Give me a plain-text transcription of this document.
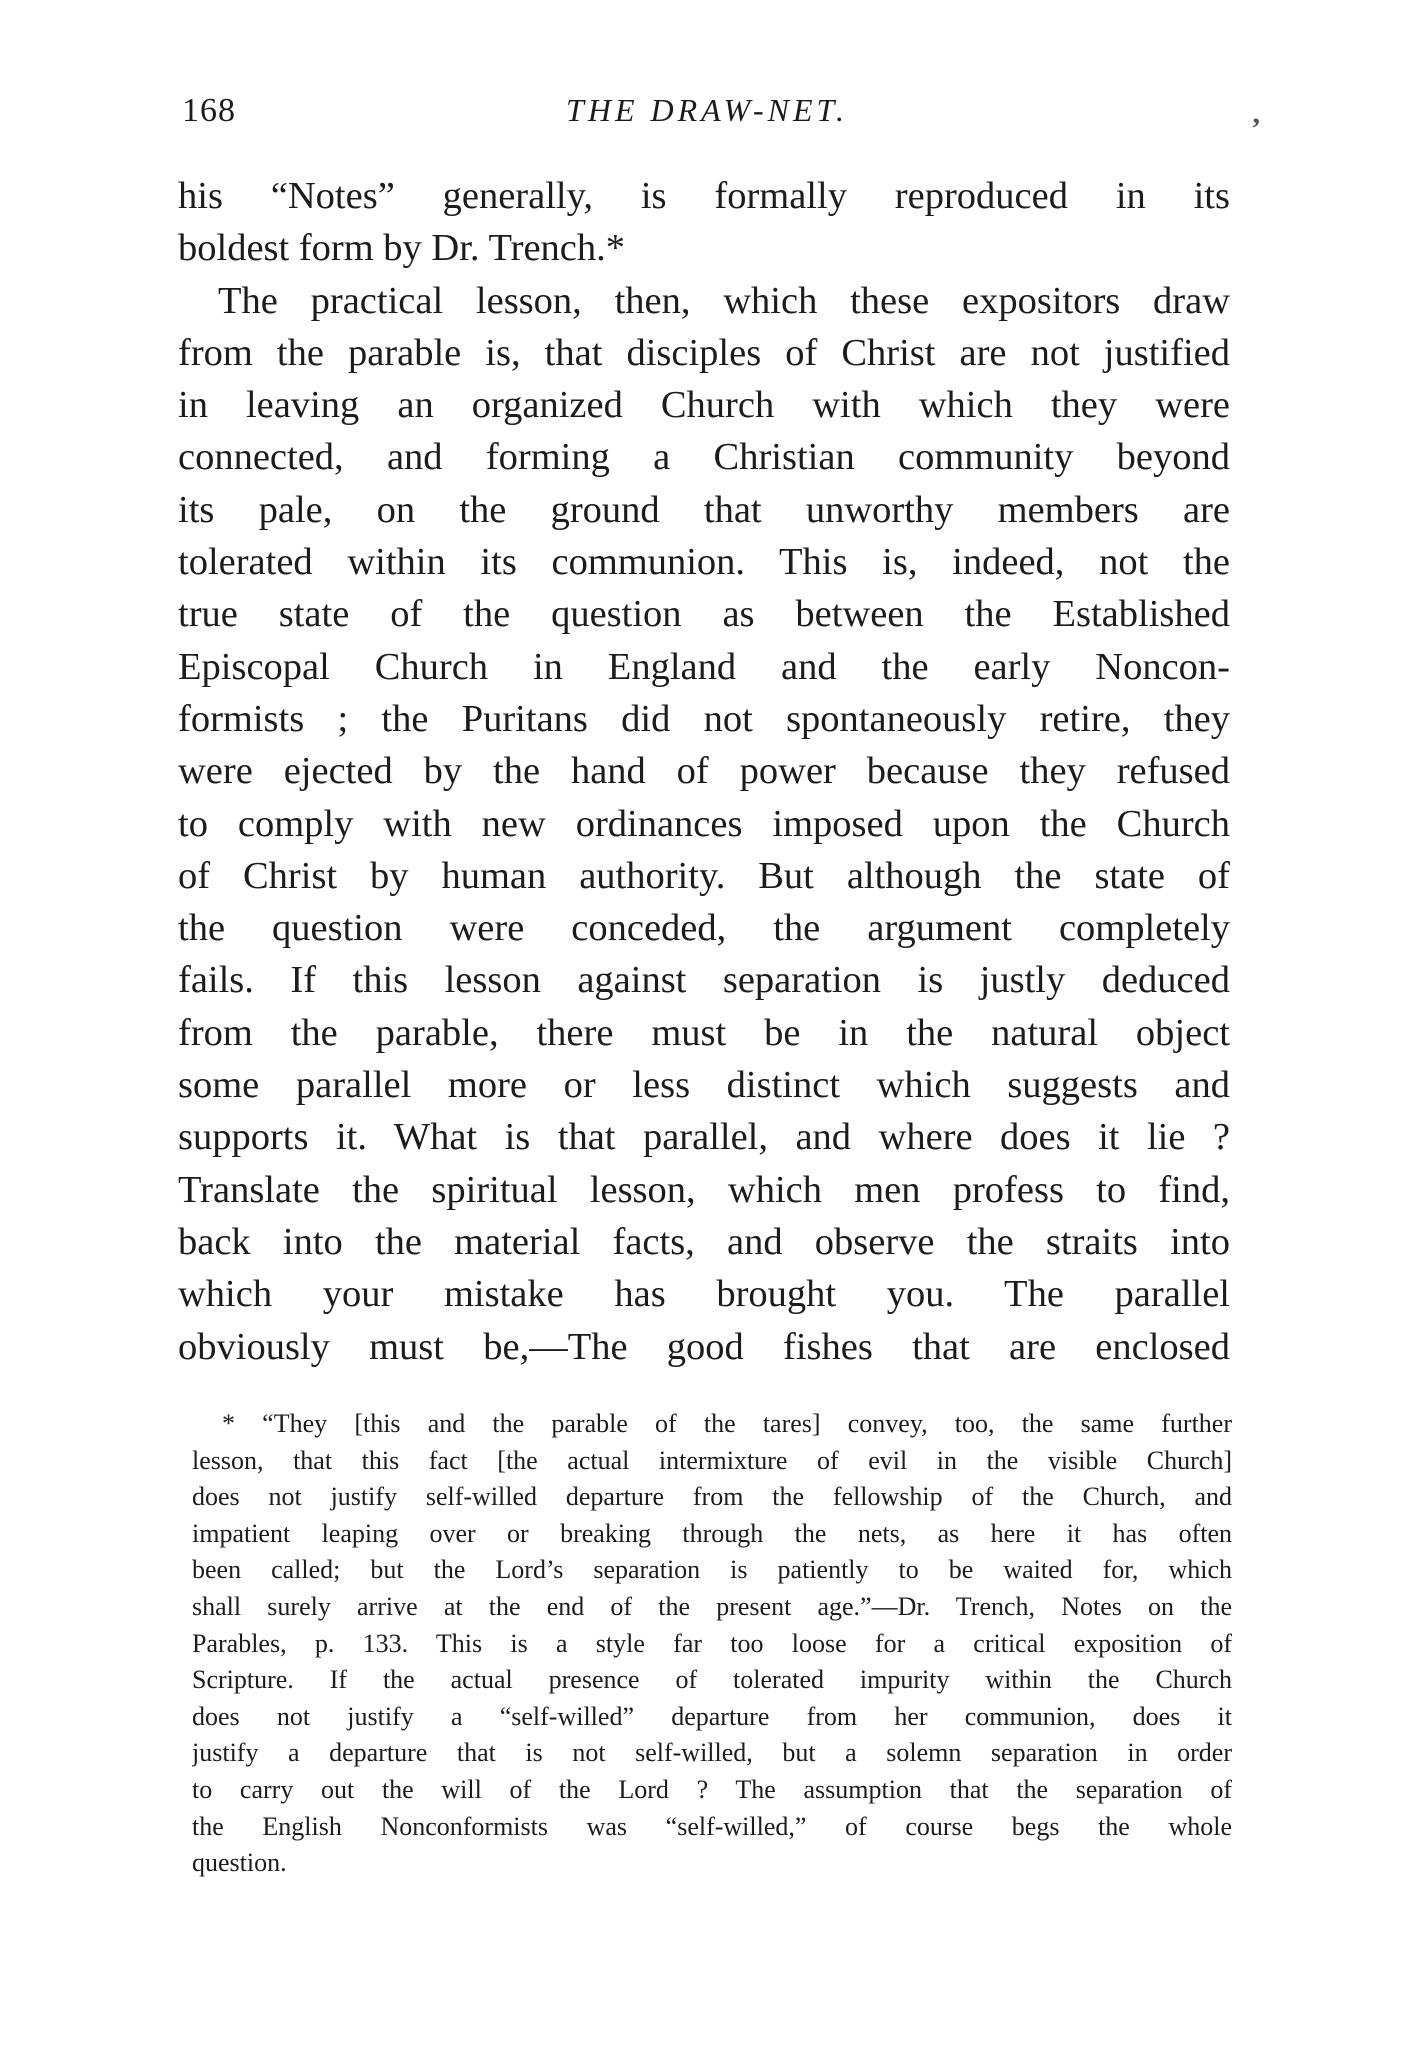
168	THE DRAW-NET.
’
his “Notes” generally, is formally reproduced in its
boldest form by Dr. Trench.*
The practical lesson, then, which these expositors draw
from the parable is, that disciples of Christ are not justified
in leaving an organized Church with which they were
connected, and forming a Christian community beyond
its pale, on the ground that unworthy members are
tolerated within its communion. This is, indeed, not the
true state of the question as between the Established
Episcopal Church in England and the early Noncon-
formists ; the Puritans did not spontaneously retire, they
were ejected by the hand of power because they refused
to comply with new ordinances imposed upon the Church
of Christ by human authority. But although the state of
the question were conceded, the argument completely
fails. If this lesson against separation is justly deduced
from the parable, there must be in the natural object
some parallel more or less distinct which suggests and
supports it. What is that parallel, and where does it lie ?
Translate the spiritual lesson, which men profess to find,
back into the material facts, and observe the straits into
which your mistake has brought you. The parallel
obviously must be,—The good fishes that are enclosed
* “They [this and the parable of the tares] convey, too, the same further
lesson, that this fact [the actual intermixture of evil in the visible Church]
does not justify self-willed departure from the fellowship of the Church, and
impatient leaping over or breaking through the nets, as here it has often
been called; but the Lord’s separation is patiently to be waited for, which
shall surely arrive at the end of the present age.”—Dr. Trench, Notes on the
Parables, p. 133. This is a style far too loose for a critical exposition of
Scripture. If the actual presence of tolerated impurity within the Church
does not justify a “self-willed” departure from her communion, does it
justify a departure that is not self-willed, but a solemn separation in order
to carry out the will of the Lord ? The assumption that the separation of
the English Nonconformists was “self-willed,” of course begs the whole
question.
